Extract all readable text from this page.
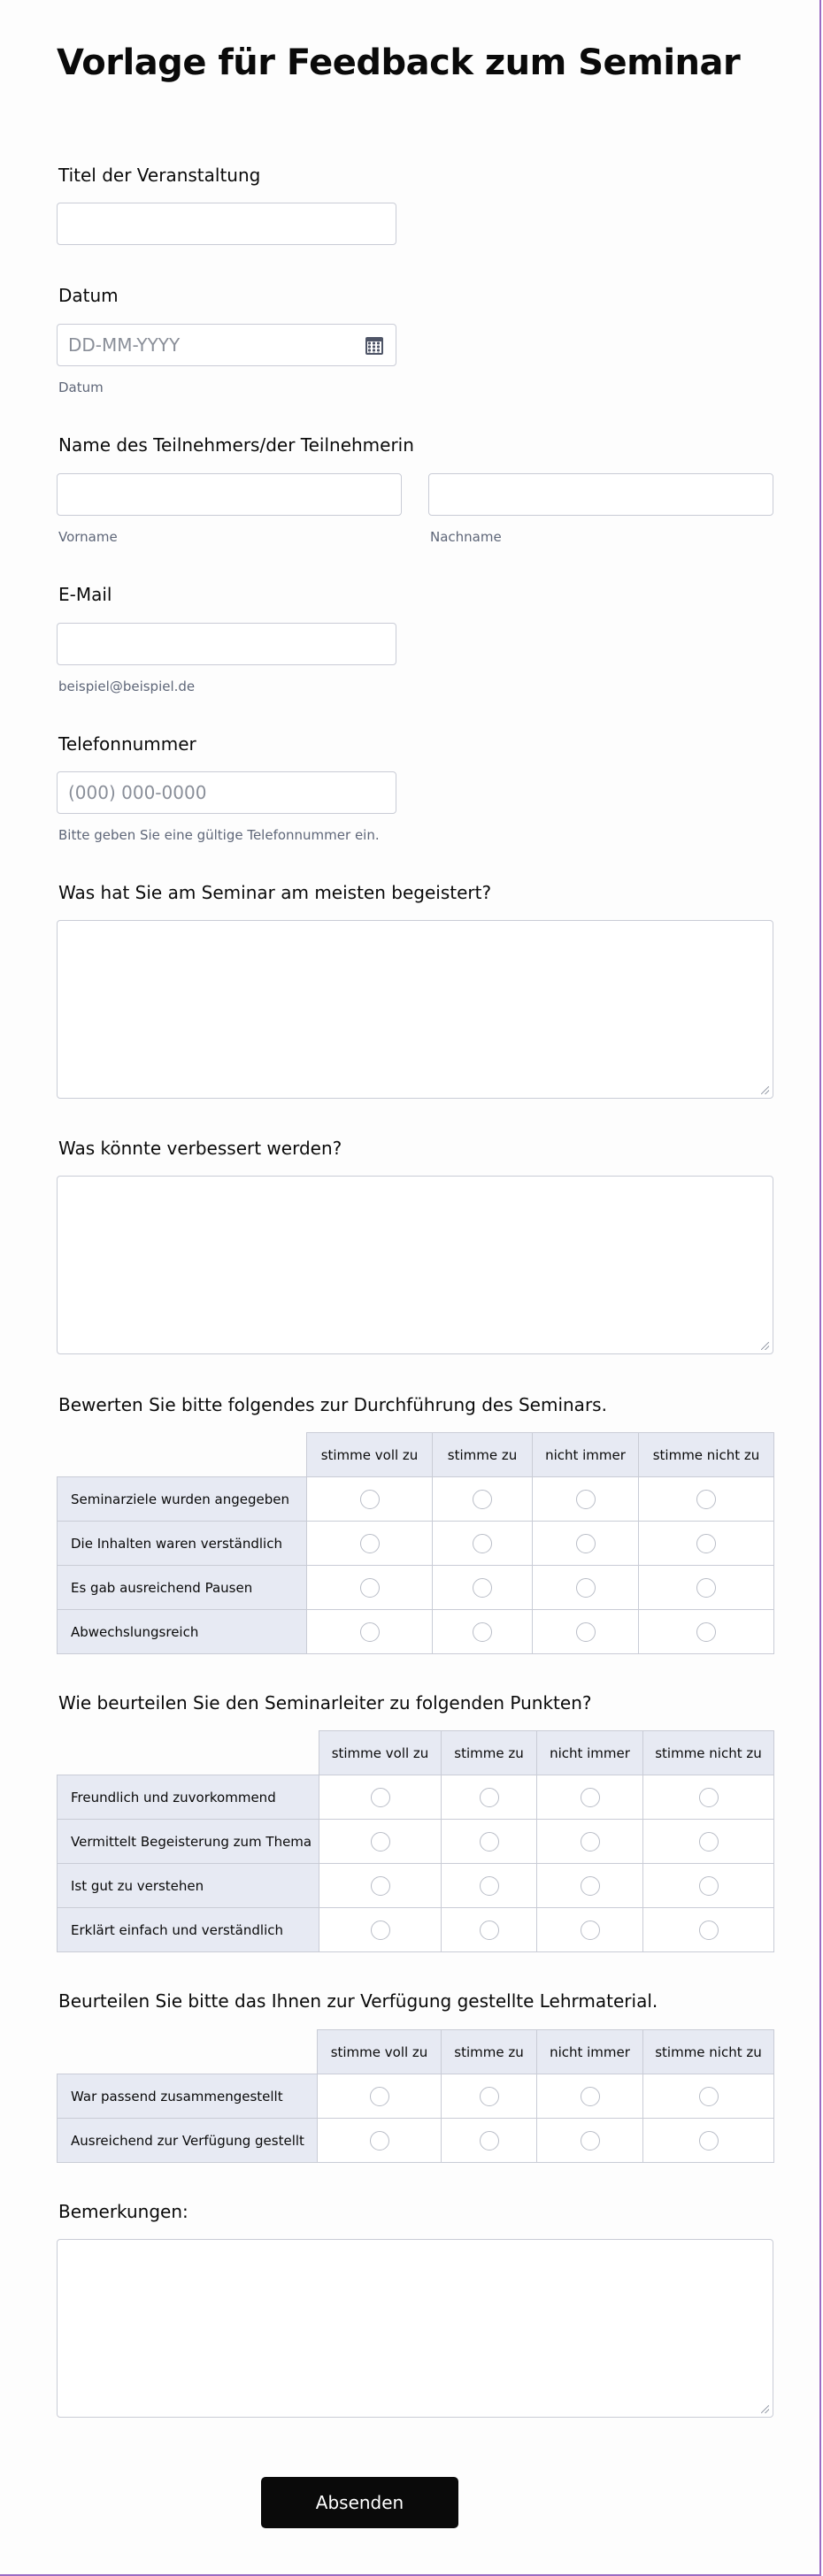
Vorlage für Feedback zum Seminar
Titel der Veranstaltung
Datum
DD-MM-YYYY
Datum
Name des Teilnehmers/der Teilnehmerin
Vorname	Nachname
E-Mail
beispiel@beispiel.de
Telefonnummer
(000) 000-0000
Bitte geben Sie eine gültige Telefonnummer ein.
Was hat Sie am Seminar am meisten begeistert?
Was könnte verbessert werden?
Bewerten Sie bitte folgendes zur Durchführung des Seminars.
	stimme voll zu	stimme zu	nicht immer	stimme nicht zu
Seminarziele wurden angegeben				
Die Inhalten waren verständlich				
Es gab ausreichend Pausen				
Abwechslungsreich				
Wie beurteilen Sie den Seminarleiter zu folgenden Punkten?
	stimme voll zu	stimme zu	nicht immer	stimme nicht zu
Freundlich und zuvorkommend				
Vermittelt Begeisterung zum Thema				
Ist gut zu verstehen				
Erklärt einfach und verständlich				
Beurteilen Sie bitte das Ihnen zur Verfügung gestellte Lehrmaterial.
	stimme voll zu	stimme zu	nicht immer	stimme nicht zu
War passend zusammengestellt				
Ausreichend zur Verfügung gestellt				
Bemerkungen:
Absenden
